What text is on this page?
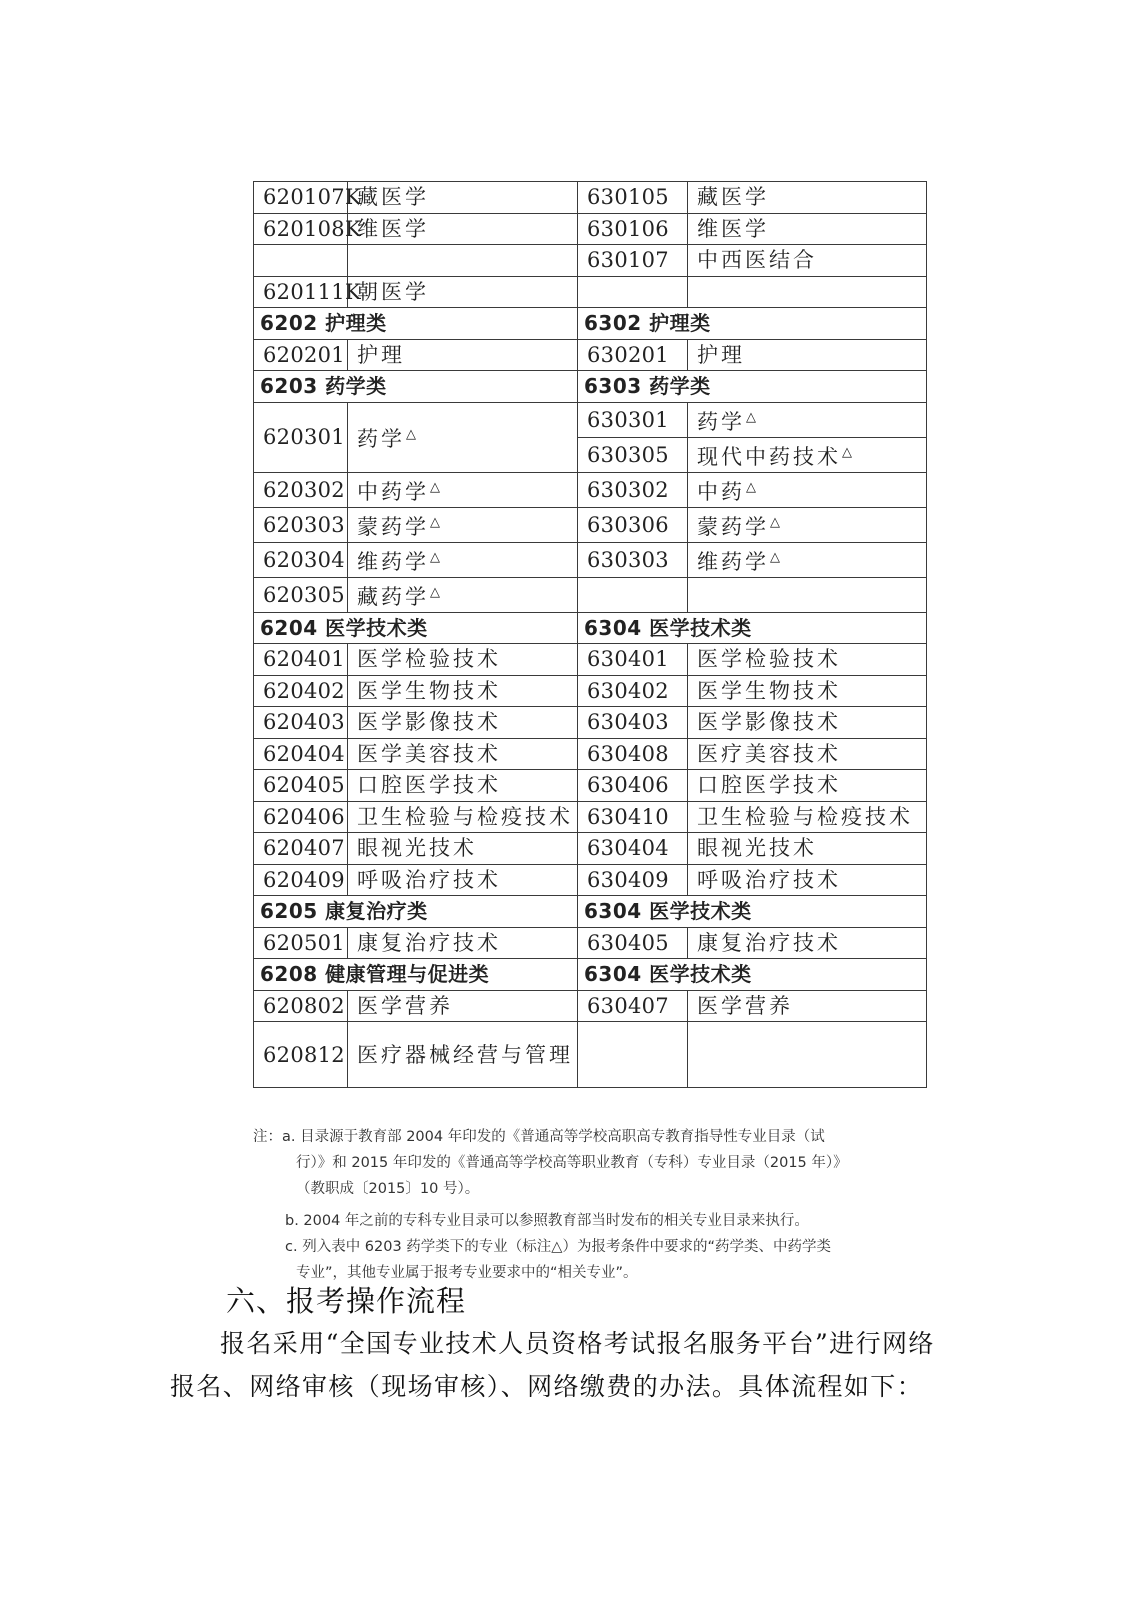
620107K	藏医学	630105	藏医学
620108K	维医学	630106	维医学
		630107	中西医结合
620111K	朝医学		
6202 护理类		6302 护理类	
620201	护理	630201	护理
6203 药学类		6303 药学类	
620301	药学△	630301	药学△
		630305	现代中药技术△
620302	中药学△	630302	中药△
620303	蒙药学△	630306	蒙药学△
620304	维药学△	630303	维药学△
620305	藏药学△		
6204 医学技术类		6304 医学技术类	
620401	医学检验技术	630401	医学检验技术
620402	医学生物技术	630402	医学生物技术
620403	医学影像技术	630403	医学影像技术
620404	医学美容技术	630408	医疗美容技术
620405	口腔医学技术	630406	口腔医学技术
620406	卫生检验与检疫技术	630410	卫生检验与检疫技术
620407	眼视光技术	630404	眼视光技术
620409	呼吸治疗技术	630409	呼吸治疗技术
6205 康复治疗类		6304 医学技术类	
620501	康复治疗技术	630405	康复治疗技术
6208 健康管理与促进类		6304 医学技术类	
620802	医学营养	630407	医学营养
620812	医疗器械经营与管理		
注：a. 目录源于教育部 2004 年印发的《普通高等学校高职高专教育指导性专业目录（试
行）》和 2015 年印发的《普通高等学校高等职业教育（专科）专业目录（2015 年）》
（教职成〔2015〕10 号）。
b. 2004 年之前的专科专业目录可以参照教育部当时发布的相关专业目录来执行。
c. 列入表中 6203 药学类下的专业（标注△）为报考条件中要求的“药学类、中药学类
专业”，其他专业属于报考专业要求中的“相关专业”。
六、报考操作流程

报名采用“全国专业技术人员资格考试报名服务平台”进行网络
报名、网络审核（现场审核）、网络缴费的办法。具体流程如下：
